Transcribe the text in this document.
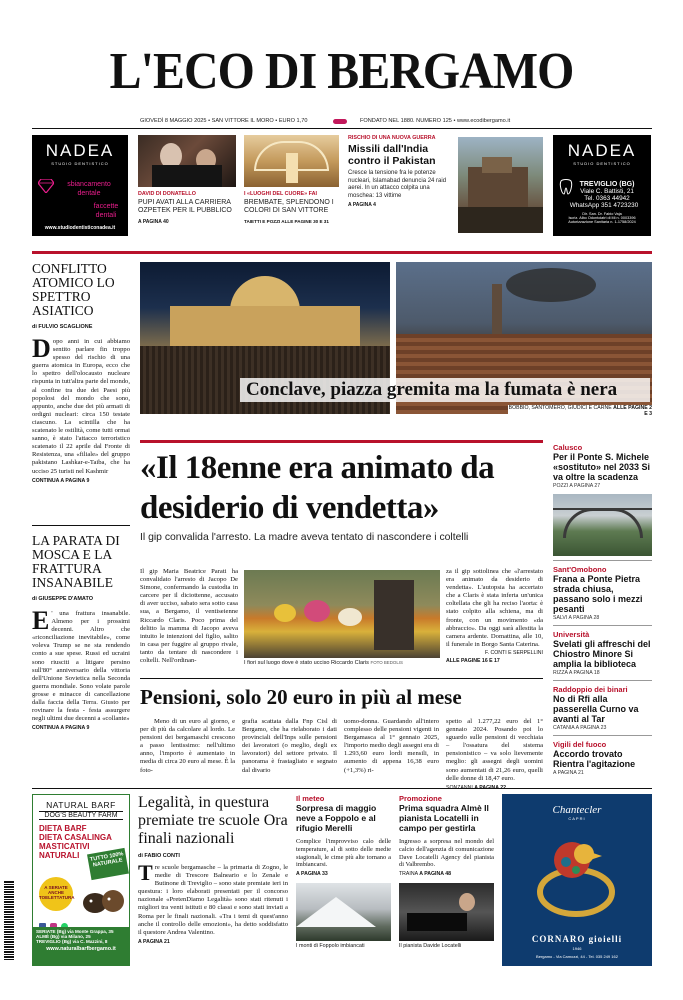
L'ECO DI BERGAMO
GIOVEDÌ 8 MAGGIO 2025 • SAN VITTORE IL MORO • EURO 1,70	FONDATO NEL 1880. NUMERO 125 • www.ecodibergamo.it
NADEA
STUDIO DENTISTICO
sbiancamento
dentale
faccette
dentali
www.studiodentisticonadea.it
DAVID DI DONATELLO
PUPI AVATI ALLA CARRIERA OZPETEK PER IL PUBBLICO
A PAGINA 40
I «LUOGHI DEL CUORE» FAI
BREMBATE, SPLENDONO I COLORI DI SAN VITTORE
TAIETTI E POZZI ALLE PAGINE 30 E 31
RISCHIO DI UNA NUOVA GUERRA
Missili dall'India contro il Pakistan
Cresce la tensione fra le potenze nucleari, Islamabad denuncia 24 raid aerei. In un attacco colpita una moschea: 13 vittime
A PAGINA 4
NADEA
STUDIO DENTISTICO
TREVIGLIO (BG)
Viale C. Battisti, 21
Tel. 0363 44942
WhatsApp 351 4723230
Dir. San. Dr. Fabio Vaja
Iscriz. Albo Odontoiatri di Mi n. 0003396
Autorizzazione Sanitaria n. 1-1758/2024
CONFLITTO ATOMICO LO SPETTRO ASIATICO
di FULVIO SCAGLIONE
Dopo anni in cui abbiamo sentito parlare fin troppo spesso del rischio di una guerra atomica in Europa, ecco che lo spettro dell'olocausto nucleare rispunta in tutt'altra parte del mondo, al confine tra due dei Paesi più popolosi del mondo che sono, appunto, anche due dei più armati di ordigni nucleari: circa 150 testate ciascuno. La scintilla che ha scatenato le ostilità, come tutti ormai sanno, è stato l'attacco terroristico scatenato il 22 aprile dal Fronte di Resistenza, una «filiale» del gruppo pakistano Lashkar-e-Taiba, che ha ucciso 25 turisti nel Kashmir
CONTINUA A PAGINA 9
LA PARATA DI MOSCA E LA FRATTURA INSANABILE
di GIUSEPPE D'AMATO
E ' una frattura insanabile. Almeno per i prossimi decenni. Altro che «riconciliazione inevitabile», come voleva Trump se ne sta rendendo conto a sue spese. Russi ed ucraini sono riusciti a litigare persino sull'80° anniversario della vittoria dell'Unione Sovietica nella Seconda guerra mondiale. Sono volate parole grosse e minacce di cancellazione dalla faccia della Terra. Giusto per rovinare la festa - festa assurgere negli ultimi due decenni a «collante»
CONTINUA A PAGINA 9
Conclave, piazza gremita ma la fumata è nera
BOBBIO, SANTOMERO, GIUDICI E CARNE ALLE PAGINE 2 E 3
«Il 18enne era animato da desiderio di vendetta»
Il gip convalida l'arresto. La madre aveva tentato di nascondere i coltelli
Il gip Maria Beatrice Parati ha convalidato l'arresto di Jacopo De Simone, confermando la custodia in carcere per il diciottenne, accusato di aver ucciso, sabato sera sotto casa sua, a Bergamo, il ventiseienne Riccardo Claris. Poco prima del delitto la mamma di Jacopo aveva intuito le intenzioni del figlio, salito in casa per fuggire al gruppo rivale, tanto da tentare di nascondere i coltelli. Nell'ordinan-	I fiori sul luogo dove è stato ucciso Riccardo Claris FOTO BEDOLIS
za il gip sottolinea che «l'arrestato era animato da desiderio di vendetta». L'autopsia ha accertato che a Claris è stata inferta un'unica coltellata che gli ha reciso l'aorta: è stato colpito alla schiena, ma di fronte, con un movimento «da abbraccio». Da oggi sarà allestita la camera ardente. Domattina, alle 10, il funerale in Borgo Santa Caterina.
F. CONTI E SERPELLINI
ALLE PAGINE 16 E 17
Pensioni, solo 20 euro in più al mese
Meno di un euro al giorno, e per di più da calcolare al lordo. Le pensioni dei bergamaschi crescono a passo lentissimo: nell'ultimo anno, l'importo è aumentato in media di circa 20 euro al mese. È la foto-
grafia scattata dalla Fnp Cisl di Bergamo, che ha rielaborato i dati provinciali dell'Inps sulle pensioni dei lavoratori (o meglio, degli ex lavoratori) del settore privato. Il panorama è frastagliato e segnato dal divario
uomo-donna. Guardando all'intero complesso delle pensioni vigenti in Bergamasca al 1° gennaio 2025, l'importo medio degli assegni era di 1.293,60 euro lordi mensili, in aumento di appena 16,38 euro (+1,3%) ri-
spetto al 1.277,22 euro del 1° gennaio 2024. Posando poi lo sguardo sulle pensioni di vecchiaia – l'ossatura del sistema pensionistico – va solo lievemente meglio: gli assegni degli uomini sono aumentati di 21,26 euro, quelli delle donne di 18,47 euro.
Calusco
Per il Ponte S. Michele «sostituto» nel 2033 Si va oltre la scadenza
POZZI A PAGINA 27
Sant'Omobono
Frana a Ponte Pietra strada chiusa, passano solo i mezzi pesanti
SALVI A PAGINA 28
Università
Svelati gli affreschi del Chiostro Minore Si amplia la biblioteca
RIZZA A PAGINA 18
Raddoppio dei binari
No di Rfi alla passerella Curno va avanti al Tar
CATANIA A PAGINA 23
Vigili del fuoco
Accordo trovato Rientra l'agitazione
A PAGINA 21
NATURAL BARF
DOG'S BEAUTY FARM
DIETA BARF
DIETA CASALINGA
MASTICATIVI
NATURALI	TUTTO 100% NATURALE
A SERIATE ANCHE TOELETTATURA

SERIATE (Bg) via Monte Grappa, 35
ALMÈ (Bg) via Milano, 25
TREVIGLIO (Bg) via C. Mazzini, 8
www.naturalbarfbergamo.it
Legalità, in questura premiate tre scuole Ora finali nazionali
di FABIO CONTI
Tre scuole bergamasche – la primaria di Zogno, le medie di Trescore Balneario e lo Zenale e Butinone di Treviglio – sono state premiate ieri in questura: i loro elaborati presentati per il concorso nazionale «PretenDiamo Legalità» sono stati ritenuti i migliori tra venti istituti e 80 classi e sono stati inviati a Roma per le finali nazionali. «Tra i temi di quest'anno anche il controllo delle emozioni», ha detto soddisfatto il questore Andrea Valentino.
A PAGINA 21
Il meteo
Sorpresa di maggio neve a Foppolo e al rifugio Merelli
Complice l'improvviso calo delle temperature, al di sotto delle medie stagionali, le cime più alte tornano a imbiancarsi.
A PAGINA 33
I monti di Foppolo imbiancati
Promozione
Prima squadra Almè Il pianista Locatelli in campo per gestirla
Ingresso a sorpresa nel mondo del calcio dell'agenzia di comunicazione Dave Locatelli Agency del pianista di Valbrembo.
TRAINA A PAGINA 48
Il pianista Davide Locatelli
Chantecler
CAPRI
CORNARO gioielli
1946
Bergamo - Via Camozzi, 44 - Tel. 035 249 162
